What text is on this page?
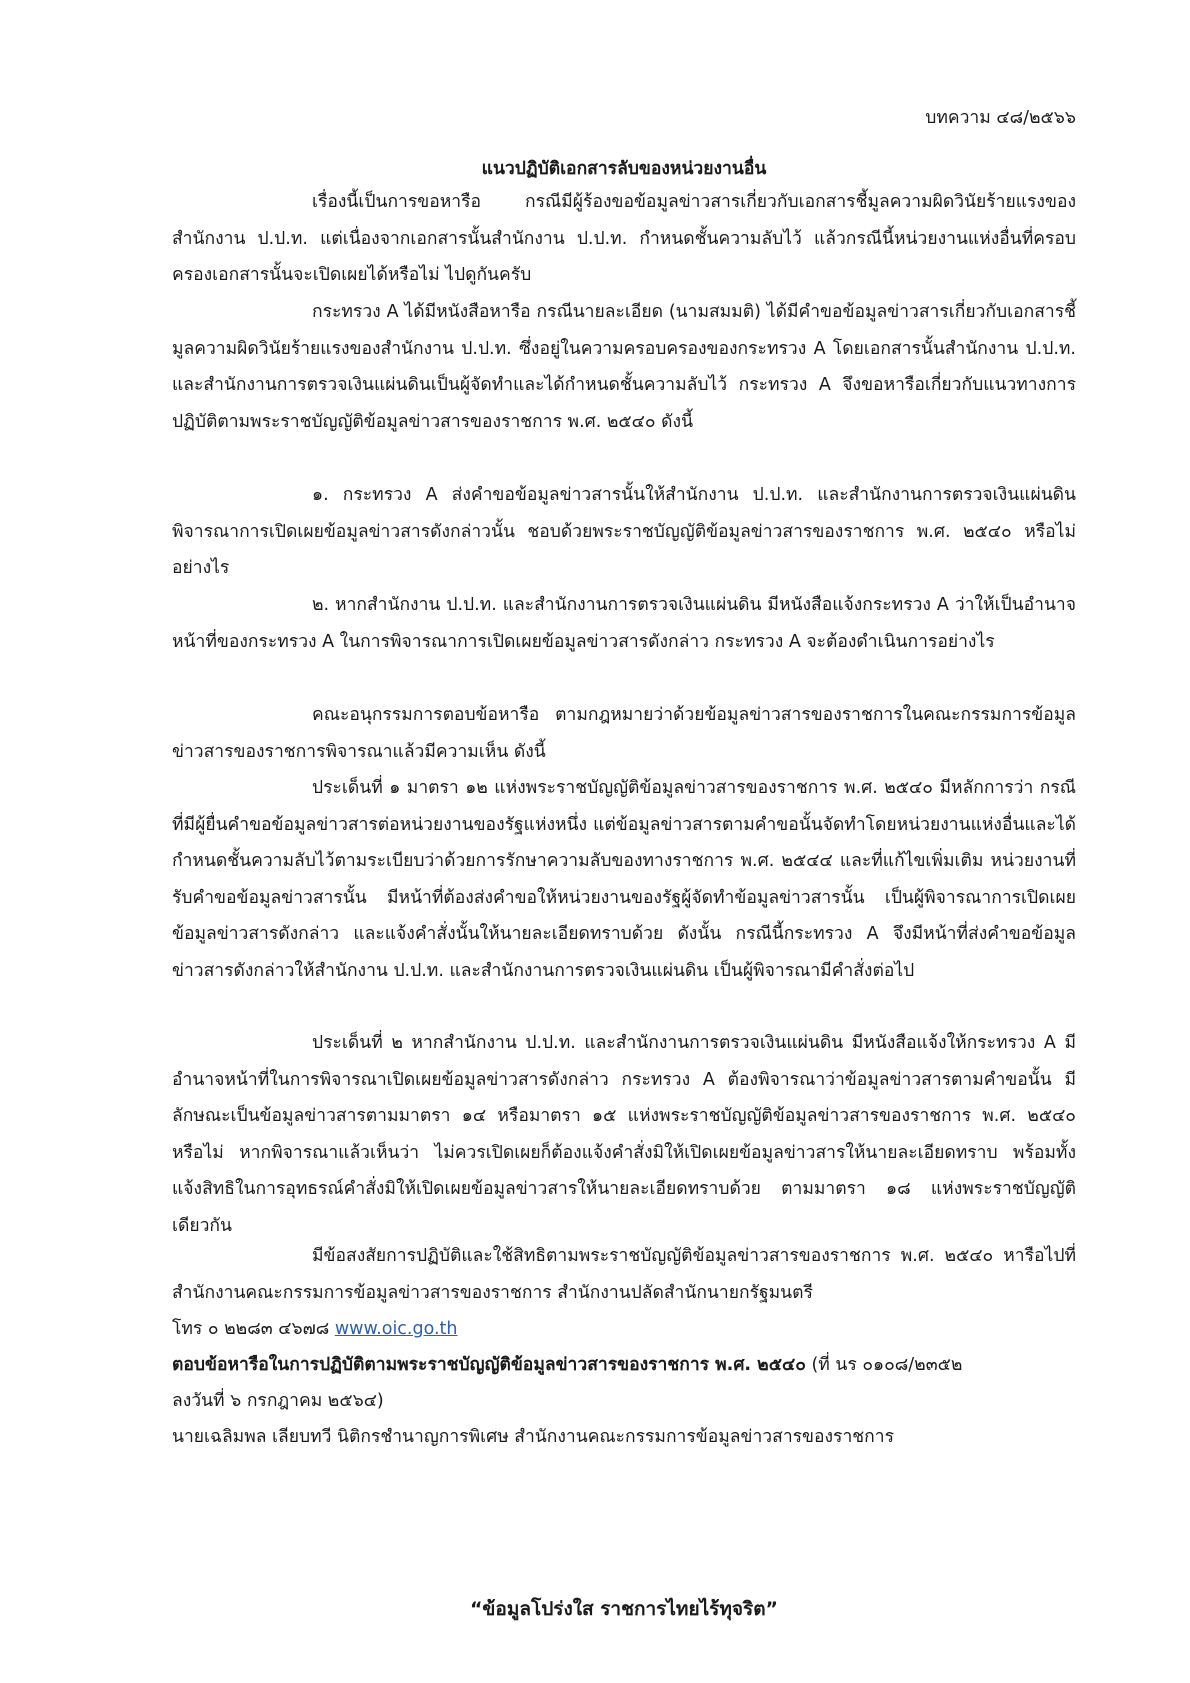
บทความ ๔๘/๒๕๖๖
แนวปฏิบัติเอกสารลับของหน่วยงานอื่น

เรื่องนี้เป็นการขอหารือ กรณีมีผู้ร้องขอข้อมูลข่าวสารเกี่ยวกับเอกสารชี้มูลความผิดวินัยร้ายแรงของสำนักงาน ป.ป.ท. แต่เนื่องจากเอกสารนั้นสำนักงาน ป.ป.ท. กำหนดชั้นความลับไว้ แล้วกรณีนี้หน่วยงานแห่งอื่นที่ครอบครองเอกสารนั้นจะเปิดเผยได้หรือไม่ ไปดูกันครับ

กระทรวง A ได้มีหนังสือหารือ กรณีนายละเอียด (นามสมมติ) ได้มีคำขอข้อมูลข่าวสารเกี่ยวกับเอกสารชี้มูลความผิดวินัยร้ายแรงของสำนักงาน ป.ป.ท. ซึ่งอยู่ในความครอบครองของกระทรวง A โดยเอกสารนั้นสำนักงาน ป.ป.ท. และสำนักงานการตรวจเงินแผ่นดินเป็นผู้จัดทำและได้กำหนดชั้นความลับไว้ กระทรวง A จึงขอหารือเกี่ยวกับแนวทางการปฏิบัติตามพระราชบัญญัติข้อมูลข่าวสารของราชการ พ.ศ. ๒๕๔๐ ดังนี้

๑. กระทรวง A ส่งคำขอข้อมูลข่าวสารนั้นให้สำนักงาน ป.ป.ท. และสำนักงานการตรวจเงินแผ่นดิน พิจารณาการเปิดเผยข้อมูลข่าวสารดังกล่าวนั้น ชอบด้วยพระราชบัญญัติข้อมูลข่าวสารของราชการ พ.ศ. ๒๕๔๐ หรือไม่ อย่างไร

๒. หากสำนักงาน ป.ป.ท. และสำนักงานการตรวจเงินแผ่นดิน มีหนังสือแจ้งกระทรวง A ว่าให้เป็นอำนาจหน้าที่ของกระทรวง A ในการพิจารณาการเปิดเผยข้อมูลข่าวสารดังกล่าว กระทรวง A จะต้องดำเนินการอย่างไร

คณะอนุกรรมการตอบข้อหารือ ตามกฎหมายว่าด้วยข้อมูลข่าวสารของราชการในคณะกรรมการข้อมูลข่าวสารของราชการพิจารณาแล้วมีความเห็น ดังนี้

ประเด็นที่ ๑ มาตรา ๑๒ แห่งพระราชบัญญัติข้อมูลข่าวสารของราชการ พ.ศ. ๒๕๔๐ มีหลักการว่า กรณีที่มีผู้ยื่นคำขอข้อมูลข่าวสารต่อหน่วยงานของรัฐแห่งหนึ่ง แต่ข้อมูลข่าวสารตามคำขอนั้นจัดทำโดยหน่วยงานแห่งอื่นและได้กำหนดชั้นความลับไว้ตามระเบียบว่าด้วยการรักษาความลับของทางราชการ พ.ศ. ๒๕๔๔ และที่แก้ไขเพิ่มเติม หน่วยงานที่รับคำขอข้อมูลข่าวสารนั้น มีหน้าที่ต้องส่งคำขอให้หน่วยงานของรัฐผู้จัดทำข้อมูลข่าวสารนั้น เป็นผู้พิจารณาการเปิดเผยข้อมูลข่าวสารดังกล่าว และแจ้งคำสั่งนั้นให้นายละเอียดทราบด้วย ดังนั้น กรณีนี้กระทรวง A จึงมีหน้าที่ส่งคำขอข้อมูลข่าวสารดังกล่าวให้สำนักงาน ป.ป.ท. และสำนักงานการตรวจเงินแผ่นดิน เป็นผู้พิจารณามีคำสั่งต่อไป

ประเด็นที่ ๒ หากสำนักงาน ป.ป.ท. และสำนักงานการตรวจเงินแผ่นดิน มีหนังสือแจ้งให้กระทรวง A มีอำนาจหน้าที่ในการพิจารณาเปิดเผยข้อมูลข่าวสารดังกล่าว กระทรวง A ต้องพิจารณาว่าข้อมูลข่าวสารตามคำขอนั้น มีลักษณะเป็นข้อมูลข่าวสารตามมาตรา ๑๔ หรือมาตรา ๑๕ แห่งพระราชบัญญัติข้อมูลข่าวสารของราชการ พ.ศ. ๒๕๔๐ หรือไม่ หากพิจารณาแล้วเห็นว่า ไม่ควรเปิดเผยก็ต้องแจ้งคำสั่งมิให้เปิดเผยข้อมูลข่าวสารให้นายละเอียดทราบ พร้อมทั้งแจ้งสิทธิในการอุทธรณ์คำสั่งมิให้เปิดเผยข้อมูลข่าวสารให้นายละเอียดทราบด้วย ตามมาตรา ๑๘ แห่งพระราชบัญญัติเดียวกัน

มีข้อสงสัยการปฏิบัติและใช้สิทธิตามพระราชบัญญัติข้อมูลข่าวสารของราชการ พ.ศ. ๒๕๔๐ หารือไปที่สำนักงานคณะกรรมการข้อมูลข่าวสารของราชการ สำนักงานปลัดสำนักนายกรัฐมนตรี

โทร ๐ ๒๒๘๓ ๔๖๗๘ www.oic.go.th
ตอบข้อหารือในการปฏิบัติตามพระราชบัญญัติข้อมูลข่าวสารของราชการ พ.ศ. ๒๕๔๐ (ที่ นร ๐๑๐๘/๒๓๕๒
ลงวันที่ ๖ กรกฎาคม ๒๕๖๔)
นายเฉลิมพล เลียบทวี นิติกรชำนาญการพิเศษ สำนักงานคณะกรรมการข้อมูลข่าวสารของราชการ
“ข้อมูลโปร่งใส ราชการไทยไร้ทุจริต”
